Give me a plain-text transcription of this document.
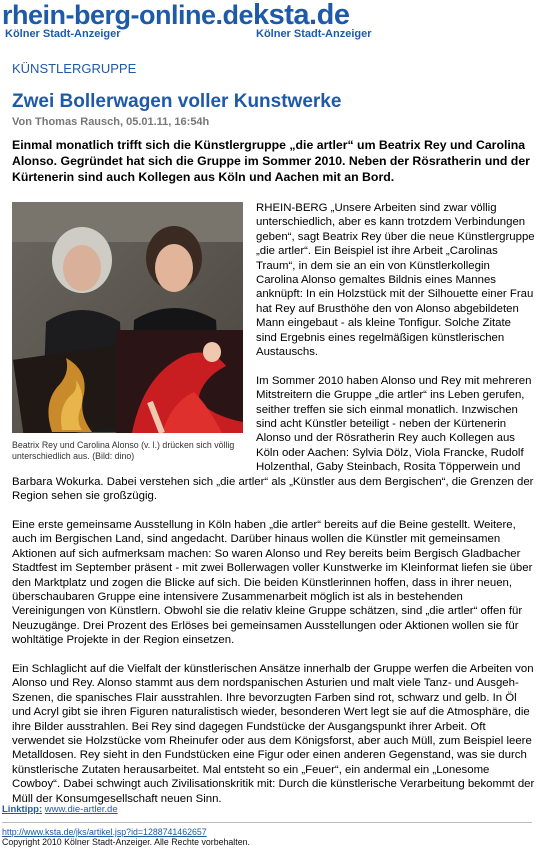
rhein-berg-online.de
Kölner Stadt-Anzeiger
ksta.de
Kölner Stadt-Anzeiger
KÜNSTLERGRUPPE
Zwei Bollerwagen voller Kunstwerke
Von Thomas Rausch, 05.01.11, 16:54h

Einmal monatlich trifft sich die Künstlergruppe „die artler“ um Beatrix Rey und Carolina Alonso. Gegründet hat sich die Gruppe im Sommer 2010. Neben der Rösratherin und der Kürtenerin sind auch Kollegen aus Köln und Aachen mit an Bord.

Beatrix Rey und Carolina Alonso (v. l.) drücken sich völlig unterschiedlich aus. (Bild: dino)

RHEIN-BERG „Unsere Arbeiten sind zwar völlig unterschiedlich, aber es kann trotzdem Verbindungen geben“, sagt Beatrix Rey über die neue Künstlergruppe „die artler“. Ein Beispiel ist ihre Arbeit „Carolinas Traum“, in dem sie an ein von Künstlerkollegin Carolina Alonso gemaltes Bildnis eines Mannes anknüpft: In ein Holzstück mit der Silhouette einer Frau hat Rey auf Brusthöhe den von Alonso abgebildeten Mann eingebaut - als kleine Tonfigur. Solche Zitate sind Ergebnis eines regelmäßigen künstlerischen Austauschs.

Im Sommer 2010 haben Alonso und Rey mit mehreren Mitstreitern die Gruppe „die artler“ ins Leben gerufen, seither treffen sie sich einmal monatlich. Inzwischen sind acht Künstler beteiligt - neben der Kürtenerin Alonso und der Rösratherin Rey auch Kollegen aus Köln oder Aachen: Sylvia Dölz, Viola Francke, Rudolf Holzenthal, Gaby Steinbach, Rosita Töpperwein und Barbara Wokurka. Dabei verstehen sich „die artler“ als „Künstler aus dem Bergischen“, die Grenzen der Region sehen sie großzügig.

Eine erste gemeinsame Ausstellung in Köln haben „die artler“ bereits auf die Beine gestellt. Weitere, auch im Bergischen Land, sind angedacht. Darüber hinaus wollen die Künstler mit gemeinsamen Aktionen auf sich aufmerksam machen: So waren Alonso und Rey bereits beim Bergisch Gladbacher Stadtfest im September präsent - mit zwei Bollerwagen voller Kunstwerke im Kleinformat liefen sie über den Marktplatz und zogen die Blicke auf sich. Die beiden Künstlerinnen hoffen, dass in ihrer neuen, überschaubaren Gruppe eine intensivere Zusammenarbeit möglich ist als in bestehenden Vereinigungen von Künstlern. Obwohl sie die relativ kleine Gruppe schätzen, sind „die artler“ offen für Neuzugänge. Drei Prozent des Erlöses bei gemeinsamen Ausstellungen oder Aktionen wollen sie für wohltätige Projekte in der Region einsetzen.

Ein Schlaglicht auf die Vielfalt der künstlerischen Ansätze innerhalb der Gruppe werfen die Arbeiten von Alonso und Rey. Alonso stammt aus dem nordspanischen Asturien und malt viele Tanz- und Ausgeh-Szenen, die spanisches Flair ausstrahlen. Ihre bevorzugten Farben sind rot, schwarz und gelb. In Öl und Acryl gibt sie ihren Figuren naturalistisch wieder, besonderen Wert legt sie auf die Atmosphäre, die ihre Bilder ausstrahlen. Bei Rey sind dagegen Fundstücke der Ausgangspunkt ihrer Arbeit. Oft verwendet sie Holzstücke vom Rheinufer oder aus dem Königsforst, aber auch Müll, zum Beispiel leere Metalldosen. Rey sieht in den Fundstücken eine Figur oder einen anderen Gegenstand, was sie durch künstlerische Zutaten herausarbeitet. Mal entsteht so ein „Feuer“, ein andermal ein „Lonesome Cowboy“. Dabei schwingt auch Zivilisationskritik mit: Durch die künstlerische Verarbeitung bekommt der Müll der Konsumgesellschaft neuen Sinn.

Linktipp: www.die-artler.de
http://www.ksta.de/jks/artikel.jsp?id=1288741462657
Copyright 2010 Kölner Stadt-Anzeiger. Alle Rechte vorbehalten.
